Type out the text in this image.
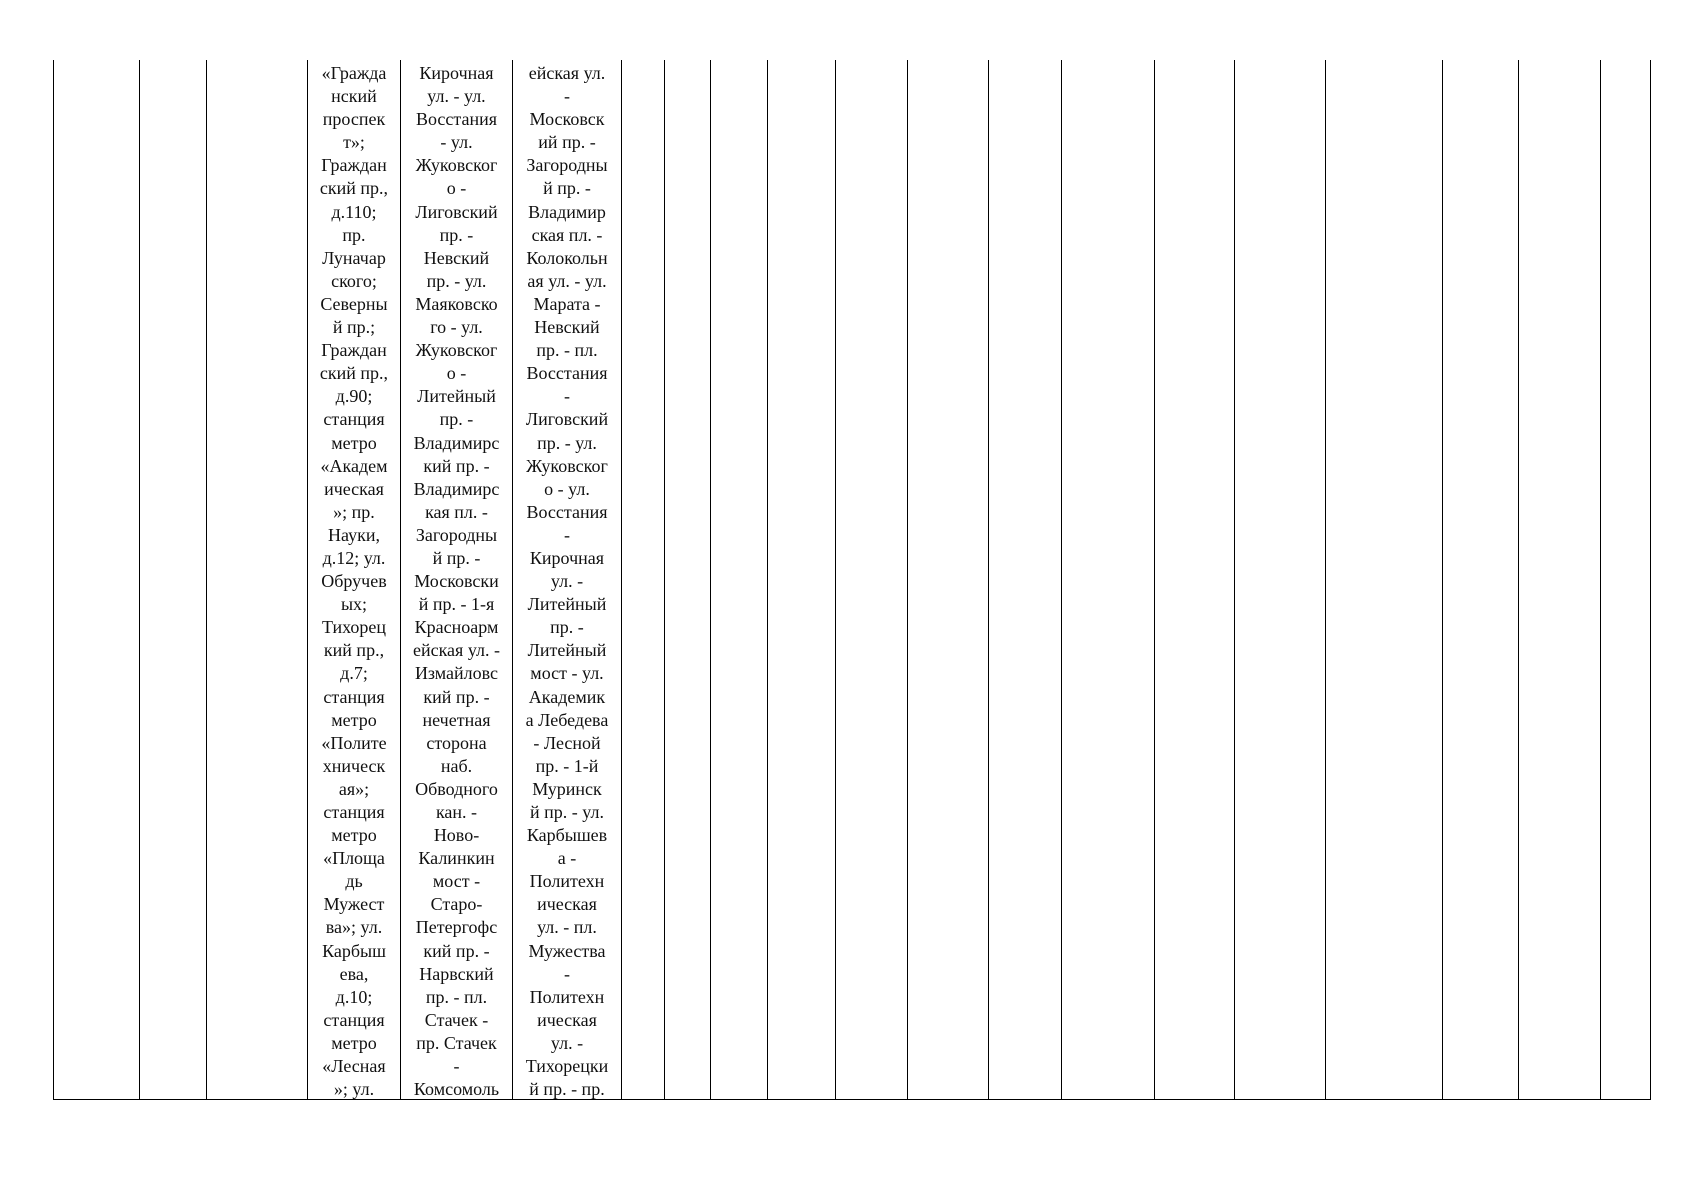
«Гражда
нский
проспек
т»;
Граждан
ский пр.,
д.110;
пр.
Луначар
ского;
Северны
й пр.;
Граждан
ский пр.,
д.90;
станция
метро
«Академ
ическая
»; пр.
Науки,
д.12; ул.
Обручев
ых;
Тихорец
кий пр.,
д.7;
станция
метро
«Полите
хническ
ая»;
станция
метро
«Площа
дь
Мужест
ва»; ул.
Карбыш
ева,
д.10;
станция
метро
«Лесная
»; ул.
Кирочная
ул. - ул.
Восстания
- ул.
Жуковског
о -
Лиговский
пр. -
Невский
пр. - ул.
Маяковско
го - ул.
Жуковског
о -
Литейный
пр. -
Владимирс
кий пр. -
Владимирс
кая пл. -
Загородны
й пр. -
Московски
й пр. - 1-я
Красноарм
ейская ул. -
Измайловс
кий пр. -
нечетная
сторона
наб.
Обводного
кан. -
Ново-
Калинкин
мост -
Старо-
Петергофс
кий пр. -
Нарвский
пр. - пл.
Стачек -
пр. Стачек
-
Комсомоль
ейская ул.
-
Московск
ий пр. -
Загородны
й пр. -
Владимир
ская пл. -
Колокольн
ая ул. - ул.
Марата -
Невский
пр. - пл.
Восстания
-
Лиговский
пр. - ул.
Жуковског
о - ул.
Восстания
-
Кирочная
ул. -
Литейный
пр. -
Литейный
мост - ул.
Академик
а Лебедева
- Лесной
пр. - 1-й
Муринск
й пр. - ул.
Карбышев
а -
Политехн
ическая
ул. - пл.
Мужества
-
Политехн
ическая
ул. -
Тихорецки
й пр. - пр.
